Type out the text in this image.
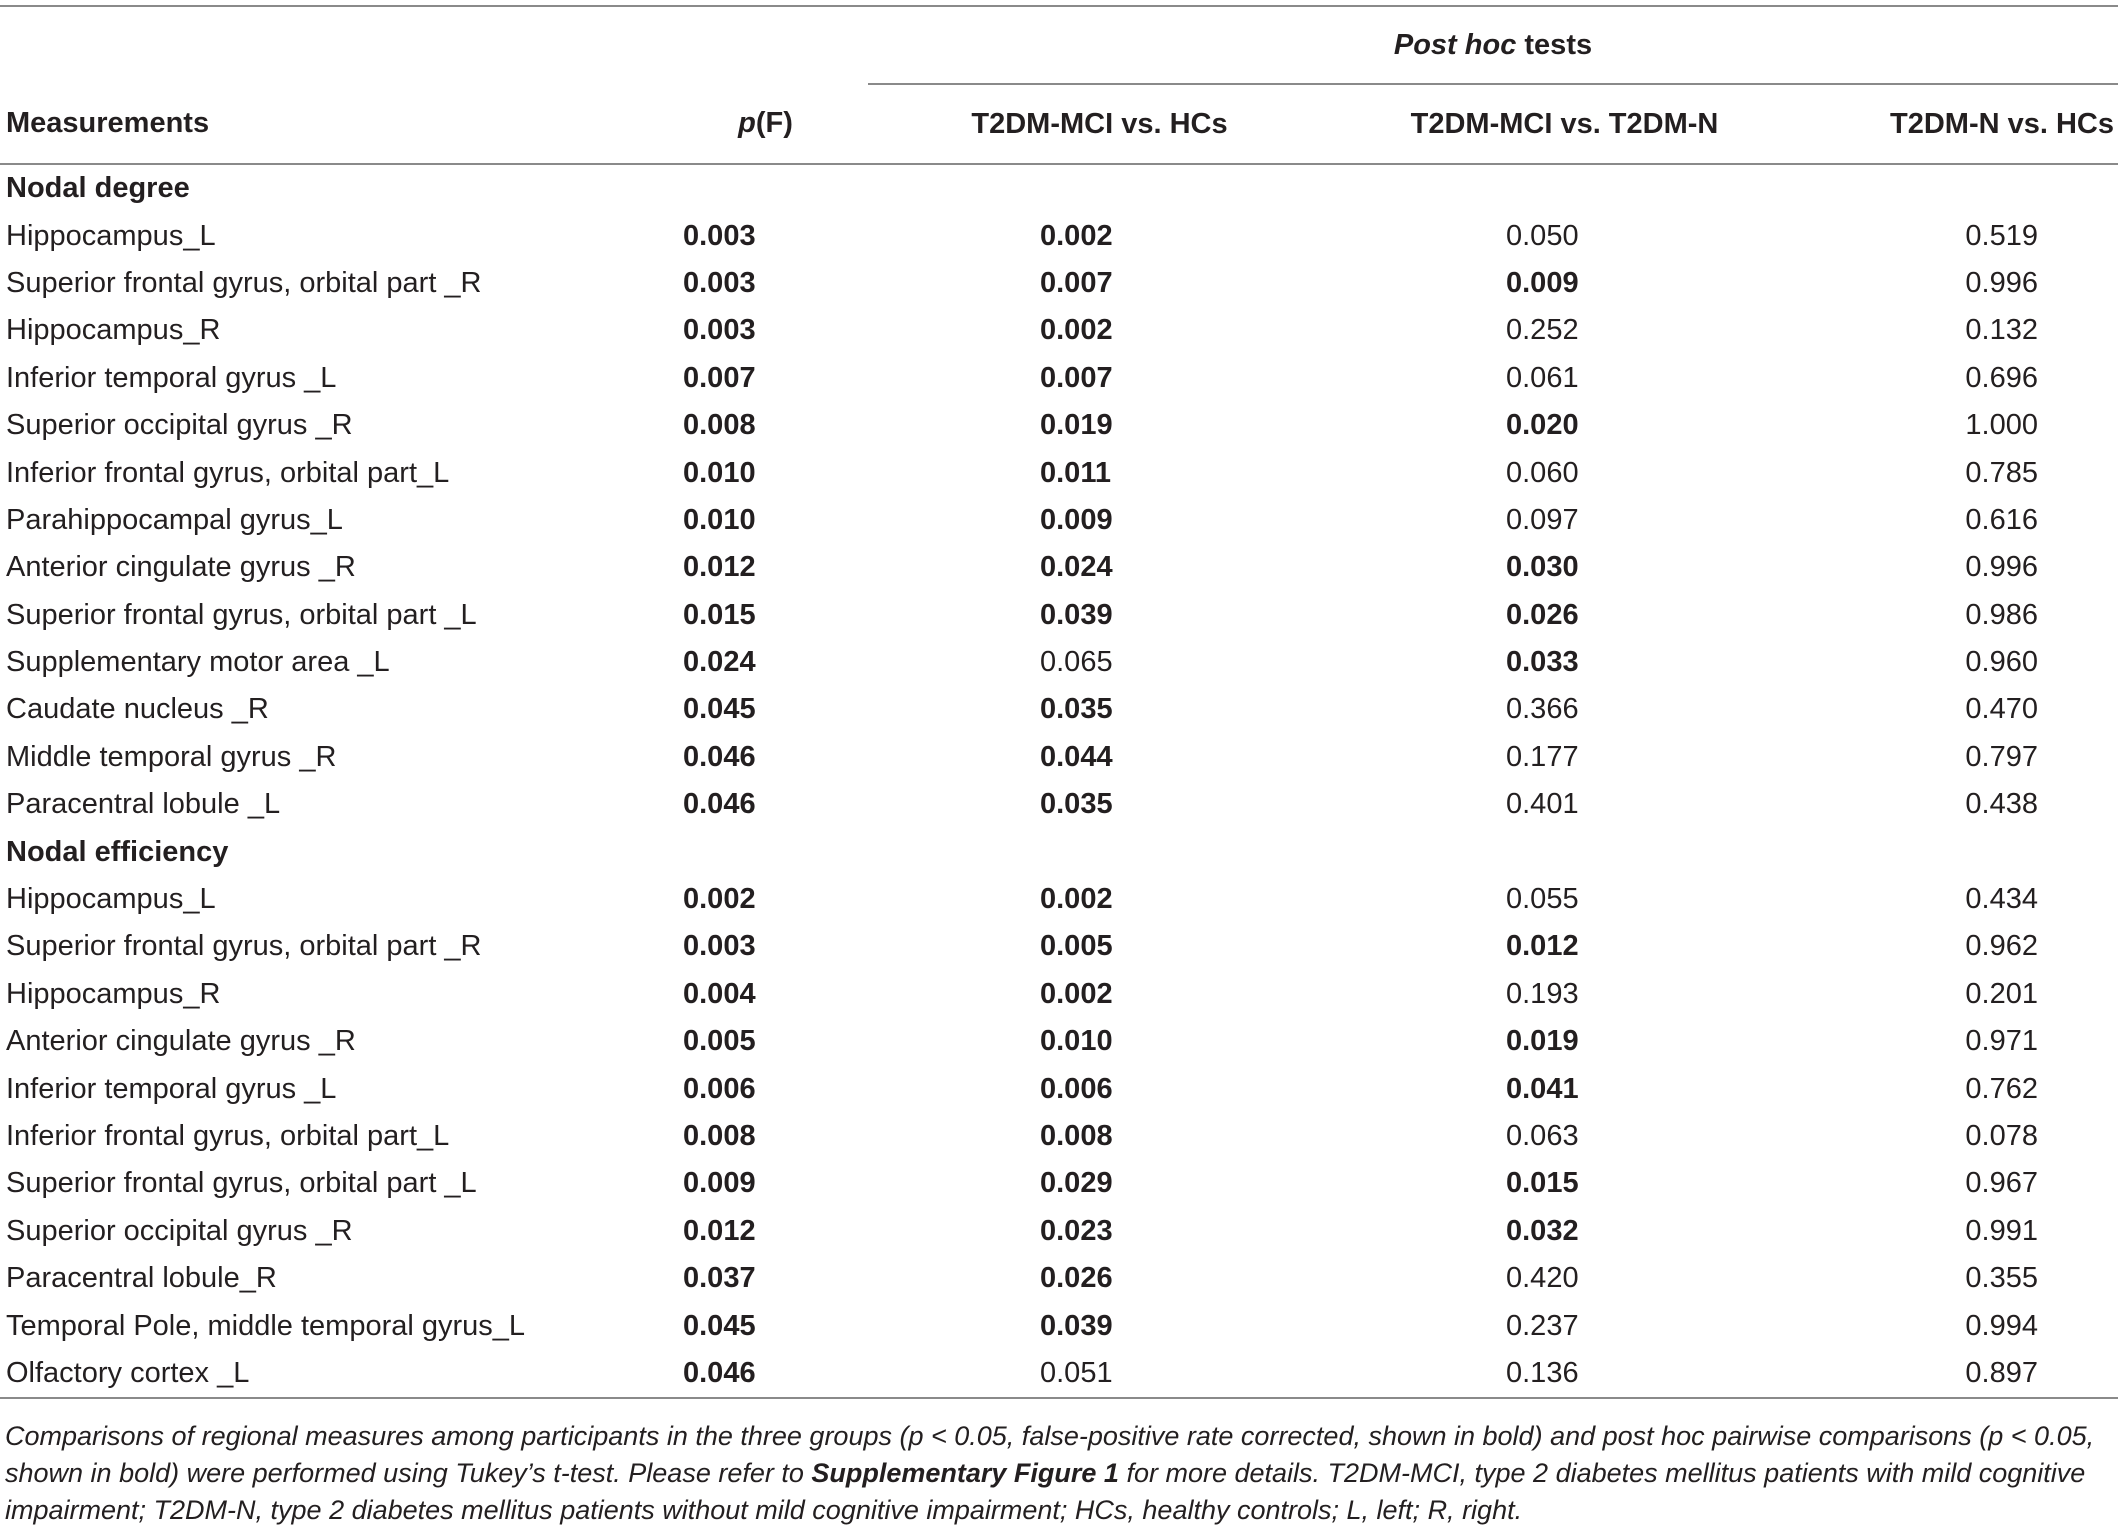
		Post hoc tests		
Measurements	p(F)	T2DM-MCI vs. HCs	T2DM-MCI vs. T2DM-N	T2DM-N vs. HCs
Nodal degree				
Hippocampus_L	0.003	0.002	0.050	0.519
Superior frontal gyrus, orbital part _R	0.003	0.007	0.009	0.996
Hippocampus_R	0.003	0.002	0.252	0.132
Inferior temporal gyrus _L	0.007	0.007	0.061	0.696
Superior occipital gyrus _R	0.008	0.019	0.020	1.000
Inferior frontal gyrus, orbital part_L	0.010	0.011	0.060	0.785
Parahippocampal gyrus_L	0.010	0.009	0.097	0.616
Anterior cingulate gyrus _R	0.012	0.024	0.030	0.996
Superior frontal gyrus, orbital part _L	0.015	0.039	0.026	0.986
Supplementary motor area _L	0.024	0.065	0.033	0.960
Caudate nucleus _R	0.045	0.035	0.366	0.470
Middle temporal gyrus _R	0.046	0.044	0.177	0.797
Paracentral lobule _L	0.046	0.035	0.401	0.438
Nodal efficiency				
Hippocampus_L	0.002	0.002	0.055	0.434
Superior frontal gyrus, orbital part _R	0.003	0.005	0.012	0.962
Hippocampus_R	0.004	0.002	0.193	0.201
Anterior cingulate gyrus _R	0.005	0.010	0.019	0.971
Inferior temporal gyrus _L	0.006	0.006	0.041	0.762
Inferior frontal gyrus, orbital part_L	0.008	0.008	0.063	0.078
Superior frontal gyrus, orbital part _L	0.009	0.029	0.015	0.967
Superior occipital gyrus _R	0.012	0.023	0.032	0.991
Paracentral lobule_R	0.037	0.026	0.420	0.355
Temporal Pole, middle temporal gyrus_L	0.045	0.039	0.237	0.994
Olfactory cortex _L	0.046	0.051	0.136	0.897
Comparisons of regional measures among participants in the three groups (p < 0.05, false-positive rate corrected, shown in bold) and post hoc pairwise comparisons (p < 0.05, shown in bold) were performed using Tukey’s t-test. Please refer to Supplementary Figure 1 for more details. T2DM-MCI, type 2 diabetes mellitus patients with mild cognitive impairment; T2DM-N, type 2 diabetes mellitus patients without mild cognitive impairment; HCs, healthy controls; L, left; R, right.
